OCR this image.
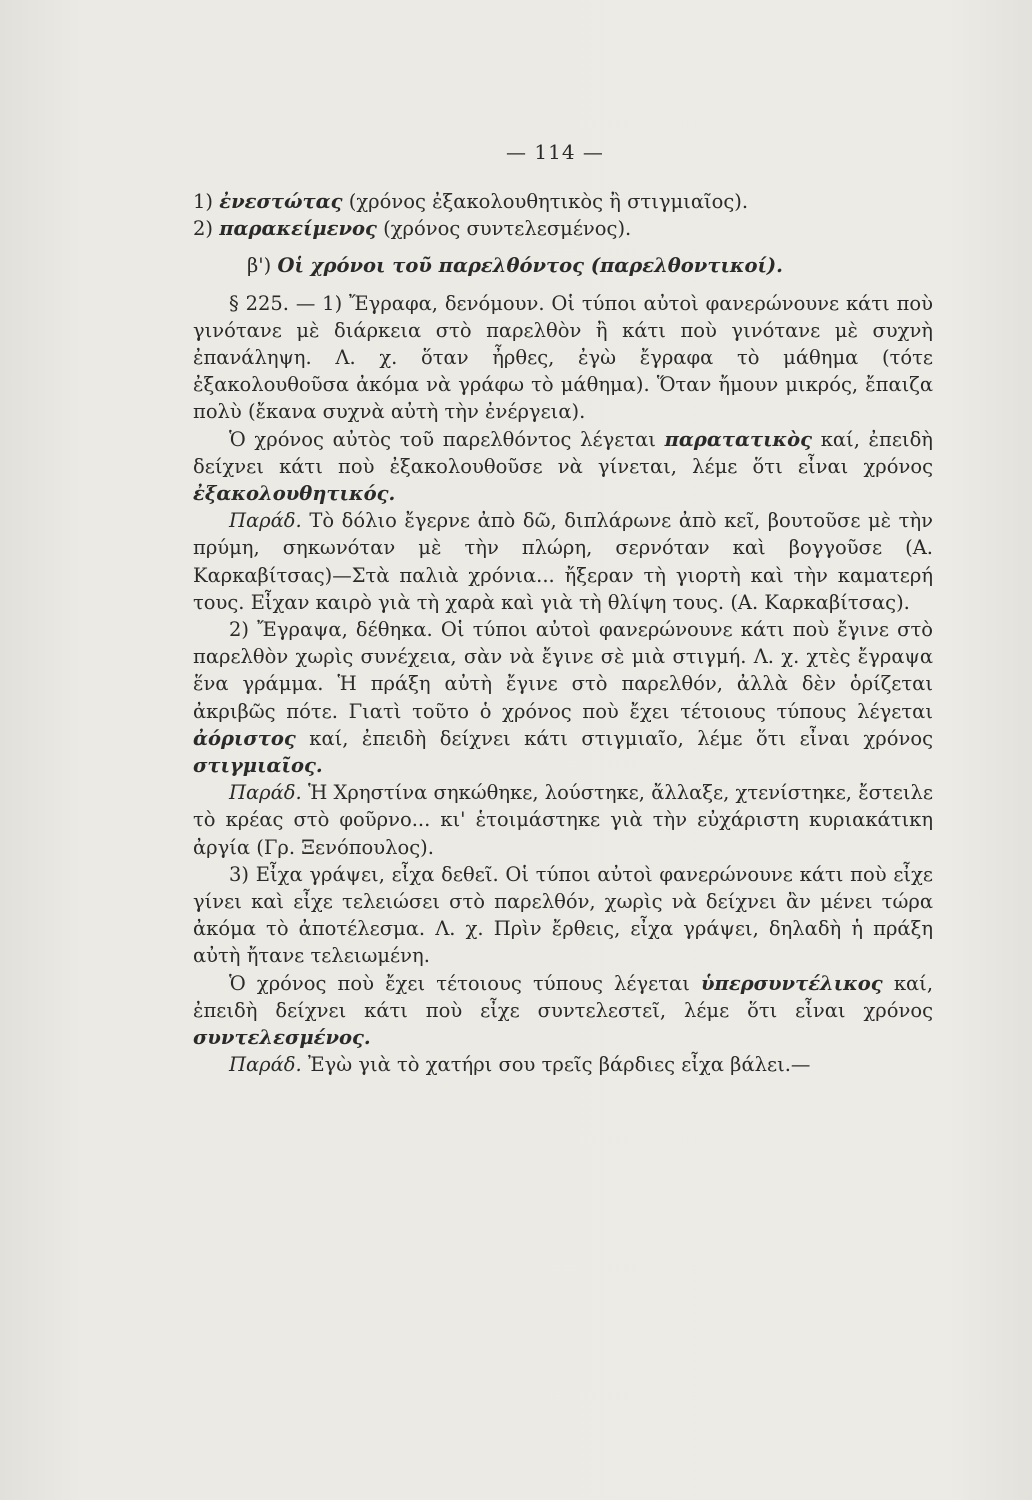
— 114 —

1) ἐνεστώτας (χρόνος ἐξακολουθητικὸς ἢ στιγμιαῖος).

2) παρακείμενος (χρόνος συντελεσμένος).

β') Οἱ χρόνοι τοῦ παρελθόντος (παρελθοντικοί).

§ 225. — 1) Ἔγραφα, δενόμουν. Οἱ τύποι αὐτοὶ φανερώνουνε κάτι ποὺ γινότανε μὲ διάρκεια στὸ παρελθὸν ἢ κάτι ποὺ γινότανε μὲ συχνὴ ἐπανάληψη. Λ. χ. ὅταν ἦρθες, ἐγὼ ἔγραφα τὸ μάθημα (τότε ἐξακολουθοῦσα ἀκόμα νὰ γράφω τὸ μάθημα). Ὅταν ἤμουν μικρός, ἔπαιζα πολὺ (ἔκανα συχνὰ αὐτὴ τὴν ἐνέργεια).

Ὁ χρόνος αὐτὸς τοῦ παρελθόντος λέγεται παρατατικὸς καί, ἐπειδὴ δείχνει κάτι ποὺ ἐξακολουθοῦσε νὰ γίνεται, λέμε ὅτι εἶναι χρόνος ἐξακολουθητικός.

Παράδ. Τὸ δόλιο ἔγερνε ἀπὸ δῶ, διπλάρωνε ἀπὸ κεῖ, βουτοῦσε μὲ τὴν πρύμη, σηκωνόταν μὲ τὴν πλώρη, σερνόταν καὶ βογγοῦσε (Α. Καρκαβίτσας)—Στὰ παλιὰ χρόνια... ἤξεραν τὴ γιορτὴ καὶ τὴν καματερή τους. Εἶχαν καιρὸ γιὰ τὴ χαρὰ καὶ γιὰ τὴ θλίψη τους. (Α. Καρκαβίτσας).

2) Ἔγραψα, δέθηκα. Οἱ τύποι αὐτοὶ φανερώνουνε κάτι ποὺ ἔγινε στὸ παρελθὸν χωρὶς συνέχεια, σὰν νὰ ἔγινε σὲ μιὰ στιγμή. Λ. χ. χτὲς ἔγραψα ἕνα γράμμα. Ἡ πράξη αὐτὴ ἔγινε στὸ παρελθόν, ἀλλὰ δὲν ὁρίζεται ἀκριβῶς πότε. Γιατὶ τοῦτο ὁ χρόνος ποὺ ἔχει τέτοιους τύπους λέγεται ἀόριστος καί, ἐπειδὴ δείχνει κάτι στιγμιαῖο, λέμε ὅτι εἶναι χρόνος στιγμιαῖος.

Παράδ. Ἡ Χρηστίνα σηκώθηκε, λούστηκε, ἄλλαξε, χτενίστηκε, ἔστειλε τὸ κρέας στὸ φοῦρνο... κι' ἑτοιμάστηκε γιὰ τὴν εὐχάριστη κυριακάτικη ἀργία (Γρ. Ξενόπουλος).

3) Εἶχα γράψει, εἶχα δεθεῖ. Οἱ τύποι αὐτοὶ φανερώνουνε κάτι ποὺ εἶχε γίνει καὶ εἶχε τελειώσει στὸ παρελθόν, χωρὶς νὰ δείχνει ἂν μένει τώρα ἀκόμα τὸ ἀποτέλεσμα. Λ. χ. Πρὶν ἔρθεις, εἶχα γράψει, δηλαδὴ ἡ πράξη αὐτὴ ἤτανε τελειωμένη.

Ὁ χρόνος ποὺ ἔχει τέτοιους τύπους λέγεται ὑπερσυντέλικος καί, ἐπειδὴ δείχνει κάτι ποὺ εἶχε συντελεστεῖ, λέμε ὅτι εἶναι χρόνος συντελεσμένος.

Παράδ. Ἐγὼ γιὰ τὸ χατήρι σου τρεῖς βάρδιες εἶχα βάλει.—
